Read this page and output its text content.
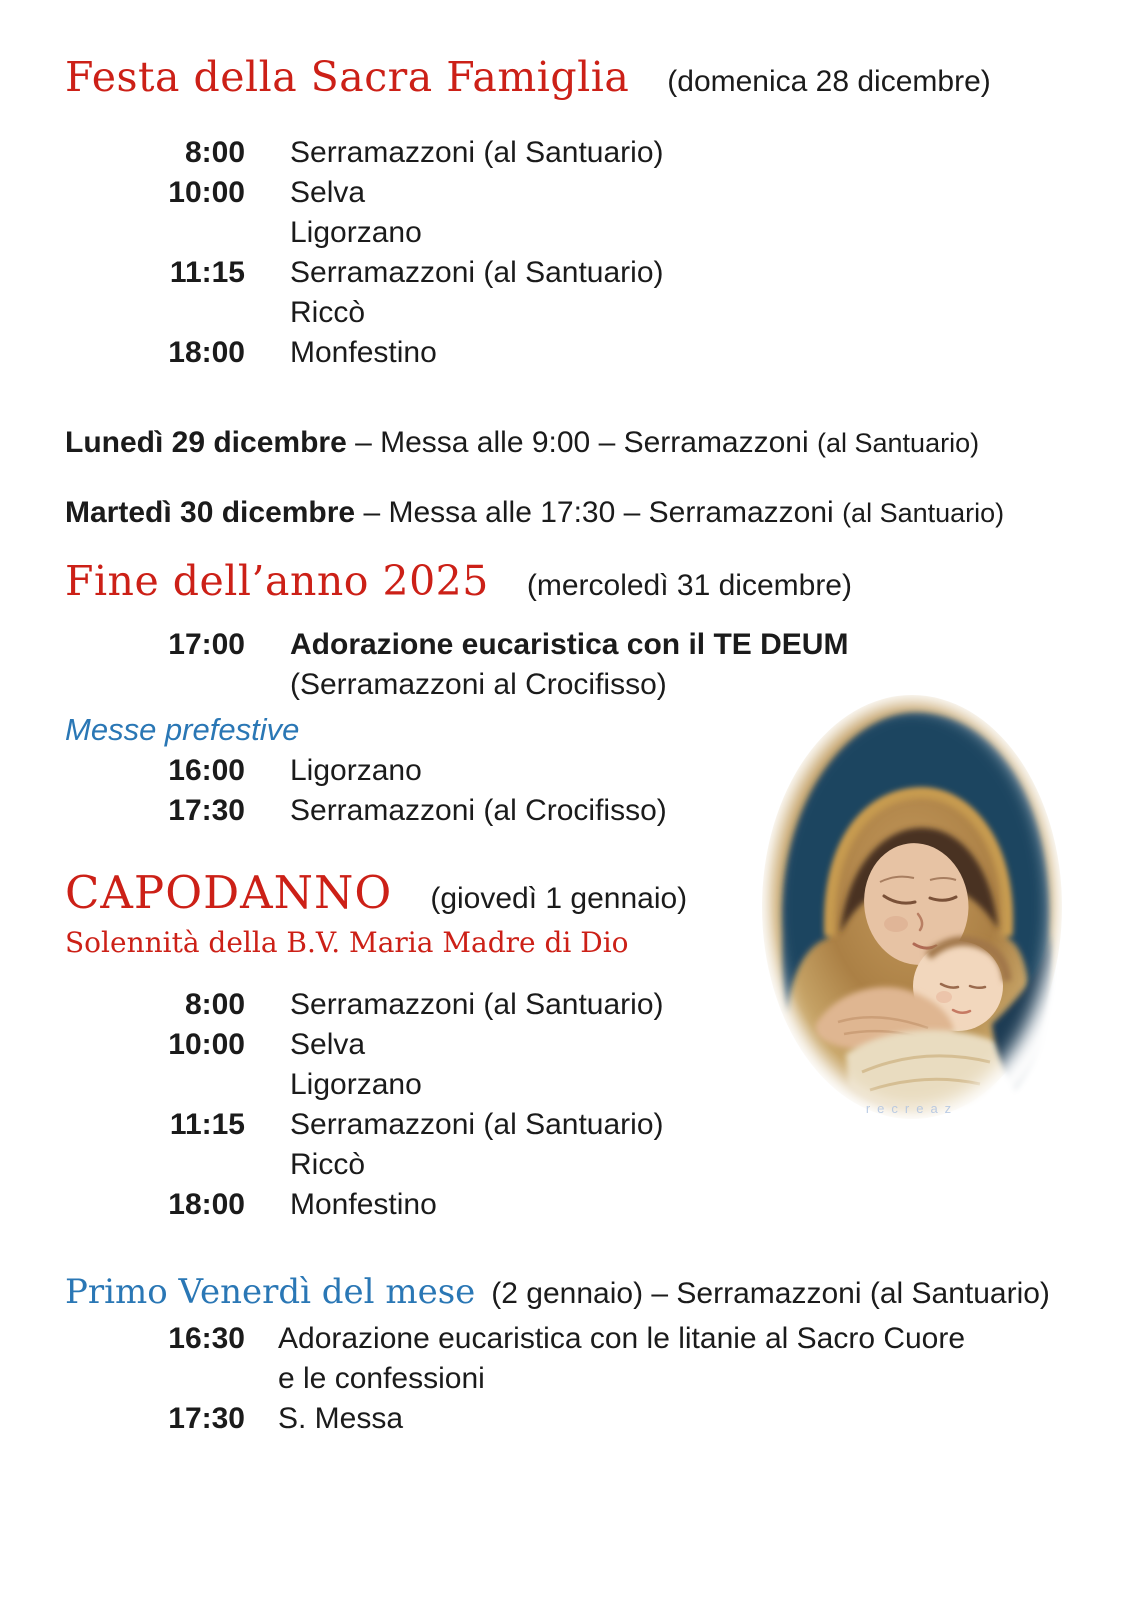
Festa della Sacra Famiglia (domenica 28 dicembre)
8:00 Serramazzoni (al Santuario)
10:00 Selva
Ligorzano
11:15 Serramazzoni (al Santuario)
Riccò
18:00 Monfestino
Lunedì 29 dicembre – Messa alle 9:00 – Serramazzoni (al Santuario)
Martedì 30 dicembre – Messa alle 17:30 – Serramazzoni (al Santuario)
Fine dell’anno 2025 (mercoledì 31 dicembre)
17:00 Adorazione eucaristica con il TE DEUM
(Serramazzoni al Crocifisso)
Messe prefestive
16:00 Ligorzano
17:30 Serramazzoni (al Crocifisso)
CAPODANNO (giovedì 1 gennaio)
Solennità della B.V. Maria Madre di Dio
8:00 Serramazzoni (al Santuario)
10:00 Selva
Ligorzano
11:15 Serramazzoni (al Santuario)
Riccò
18:00 Monfestino
Primo Venerdì del mese (2 gennaio) – Serramazzoni (al Santuario)
16:30 Adorazione eucaristica con le litanie al Sacro Cuore
e le confessioni
17:30 S. Messa
recreaz
